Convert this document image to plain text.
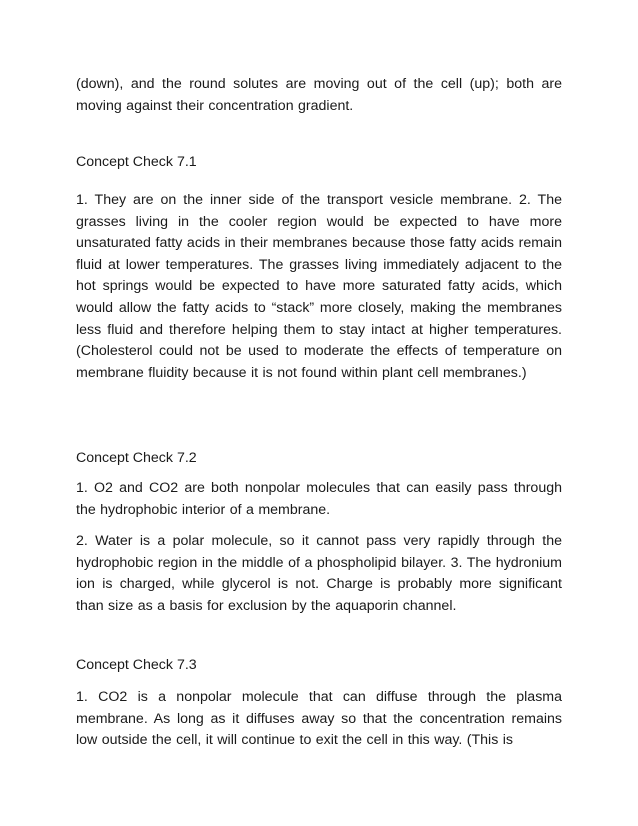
(down), and the round solutes are moving out of the cell (up); both are moving against their concentration gradient.

Concept Check 7.1

1. They are on the inner side of the transport vesicle membrane. 2. The grasses living in the cooler region would be expected to have more unsaturated fatty acids in their membranes because those fatty acids remain fluid at lower temperatures. The grasses living immediately adjacent to the hot springs would be expected to have more saturated fatty acids, which would allow the fatty acids to “stack” more closely, making the membranes less fluid and therefore helping them to stay intact at higher temperatures. (Cholesterol could not be used to moderate the effects of temperature on membrane fluidity because it is not found within plant cell membranes.)

Concept Check 7.2

1. O2 and CO2 are both nonpolar molecules that can easily pass through the hydrophobic interior of a membrane.

2. Water is a polar molecule, so it cannot pass very rapidly through the hydrophobic region in the middle of a phospholipid bilayer. 3. The hydronium ion is charged, while glycerol is not. Charge is probably more significant than size as a basis for exclusion by the aquaporin channel.

Concept Check 7.3

1. CO2 is a nonpolar molecule that can diffuse through the plasma membrane. As long as it diffuses away so that the concentration remains low outside the cell, it will continue to exit the cell in this way. (This is
